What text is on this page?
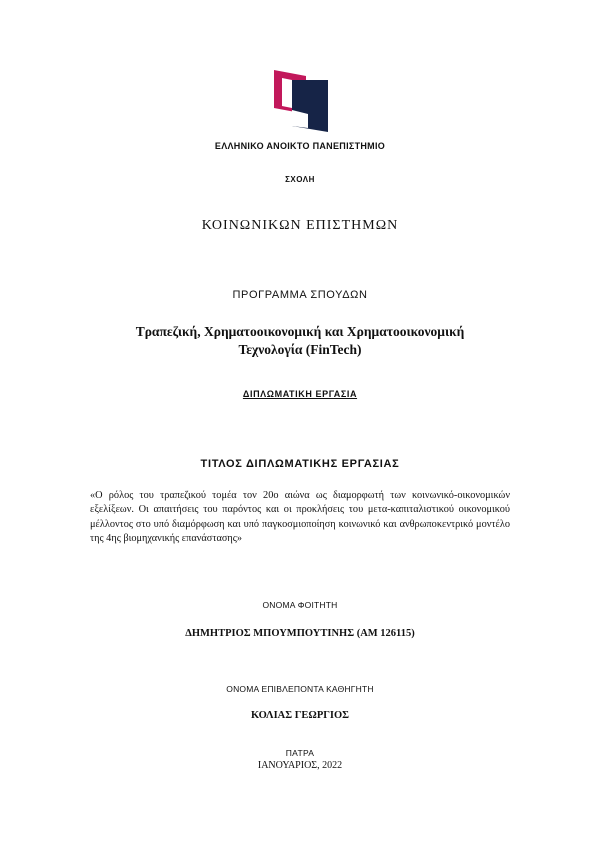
ΕΛΛΗΝΙΚΟ ΑΝΟΙΚΤΟ ΠΑΝΕΠΙΣΤΗΜΙΟ
ΣΧΟΛΗ
ΚΟΙΝΩΝΙΚΩΝ ΕΠΙΣΤΗΜΩΝ
ΠΡΟΓΡΑΜΜΑ ΣΠΟΥΔΩΝ
Τραπεζική, Χρηματοοικονομική και Χρηματοοικονομική
Τεχνολογία (FinTech)
ΔΙΠΛΩΜΑΤΙΚΗ ΕΡΓΑΣΙΑ
ΤΙΤΛΟΣ ΔΙΠΛΩΜΑΤΙΚΗΣ ΕΡΓΑΣΙΑΣ
«Ο ρόλος του τραπεζικού τομέα τον 20ο αιώνα ως διαμορφωτή των κοινωνικό-οικονομικών εξελίξεων. Οι απαιτήσεις του παρόντος και οι προκλήσεις του μετα-καπιταλιστικού οικονομικού μέλλοντος στο υπό διαμόρφωση και υπό παγκοσμιοποίηση κοινωνικό και ανθρωποκεντρικό μοντέλο της 4ης βιομηχανικής επανάστασης»
ΟΝΟΜΑ ΦΟΙΤΗΤΗ
ΔΗΜΗΤΡΙΟΣ ΜΠΟΥΜΠΟΥΤΙΝΗΣ (ΑΜ 126115)
ΟΝΟΜΑ ΕΠΙΒΛΕΠΟΝΤΑ ΚΑΘΗΓΗΤΗ
ΚΟΛΙΑΣ ΓΕΩΡΓΙΟΣ
ΠΑΤΡΑ
ΙΑΝΟΥΑΡΙΟΣ, 2022
